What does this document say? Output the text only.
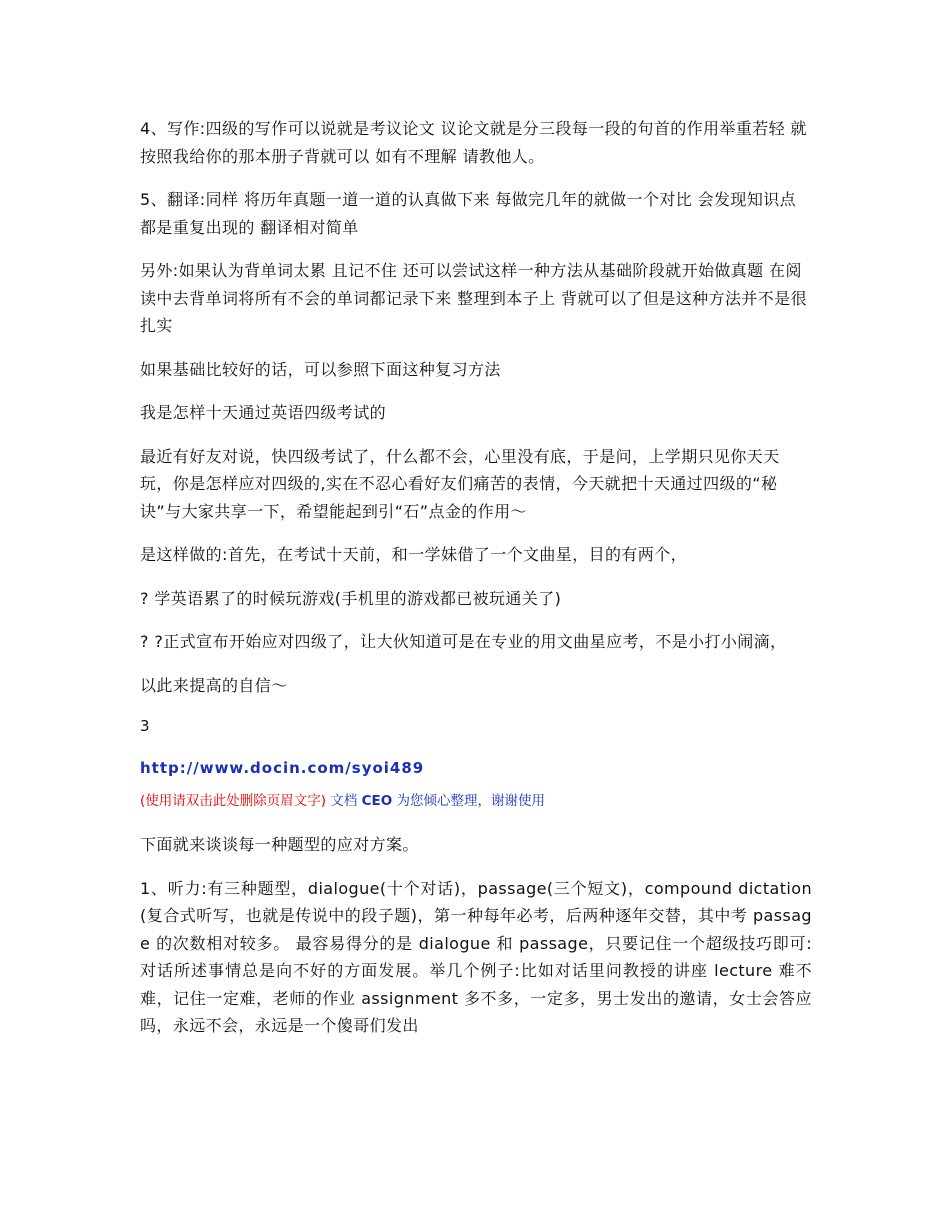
4、写作:四级的写作可以说就是考议论文 议论文就是分三段每一段的句首的作用举重若轻 就按照我给你的那本册子背就可以 如有不理解 请教他人。

5、翻译:同样 将历年真题一道一道的认真做下来 每做完几年的就做一个对比 会发现知识点都是重复出现的 翻译相对简单

另外:如果认为背单词太累 且记不住 还可以尝试这样一种方法从基础阶段就开始做真题 在阅读中去背单词将所有不会的单词都记录下来 整理到本子上 背就可以了但是这种方法并不是很扎实

如果基础比较好的话，可以参照下面这种复习方法

我是怎样十天通过英语四级考试的

最近有好友对说，快四级考试了，什么都不会，心里没有底，于是问，上学期只见你天天玩，你是怎样应对四级的,实在不忍心看好友们痛苦的表情，今天就把十天通过四级的“秘诀”与大家共享一下，希望能起到引“石”点金的作用～

是这样做的:首先，在考试十天前，和一学妹借了一个文曲星，目的有两个，

? 学英语累了的时候玩游戏(手机里的游戏都已被玩通关了)

? ?正式宣布开始应对四级了，让大伙知道可是在专业的用文曲星应考，不是小打小闹滴，

以此来提高的自信～

3
http://www.docin.com/syoi489
(使用请双击此处删除页眉文字) 文档 CEO 为您倾心整理，谢谢使用

下面就来谈谈每一种题型的应对方案。

1、听力:有三种题型，dialogue(十个对话)，passage(三个短文)，compound dictation(复合式听写，也就是传说中的段子题)，第一种每年必考，后两种逐年交替，其中考 passage 的次数相对较多。 最容易得分的是 dialogue 和 passage，只要记住一个超级技巧即可:对话所述事情总是向不好的方面发展。举几个例子:比如对话里问教授的讲座 lecture 难不难，记住一定难，老师的作业 assignment 多不多，一定多，男士发出的邀请，女士会答应吗，永远不会，永远是一个傻哥们发出
